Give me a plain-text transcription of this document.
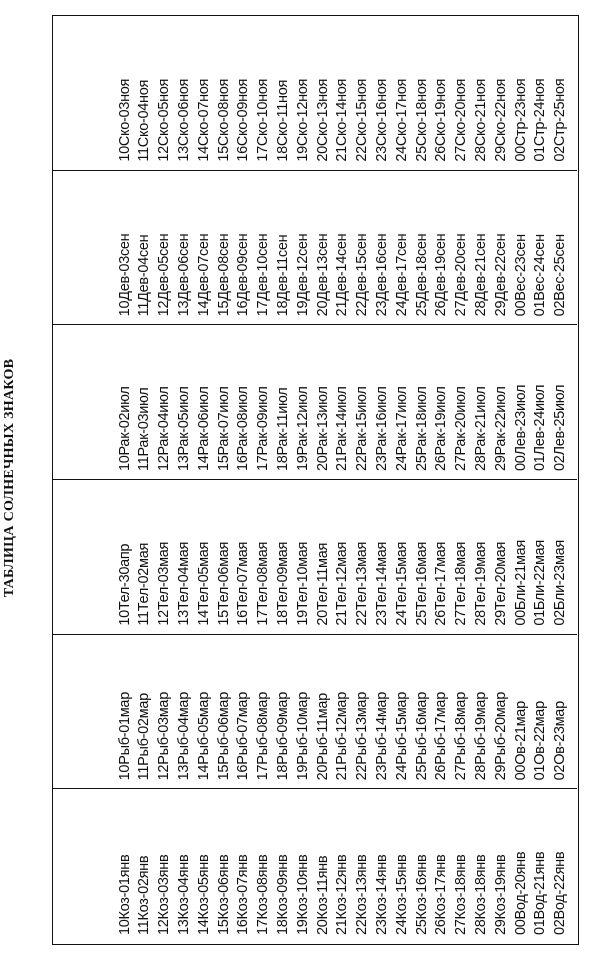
ТАБЛИЦА СОЛНЕЧНЫХ ЗНАКОВ
10Коз-01янв 11Коз-02янв 12Коз-03янв 13Коз-04янв 14Коз-05янв 15Коз-06янв 16Коз-07янв 17Коз-08янв 18Коз-09янв 19Коз-10янв 20Коз-11янв 21Коз-12янв 22Коз-13янв 23Коз-14янв 24Коз-15янв 25Коз-16янв 26Коз-17янв 27Коз-18янв 28Коз-18янв 29Коз-19янв 00Вод-20янв 01Вод-21янв 02Вод-22янв
10Рыб-01мар 11Рыб-02мар 12Рыб-03мар 13Рыб-04мар 14Рыб-05мар 15Рыб-06мар 16Рыб-07мар 17Рыб-08мар 18Рыб-09мар 19Рыб-10мар 20Рыб-11мар 21Рыб-12мар 22Рыб-13мар 23Рыб-14мар 24Рыб-15мар 25Рыб-16мар 26Рыб-17мар 27Рыб-18мар 28Рыб-19мар 29Рыб-20мар 00Ов-21мар 01Ов-22мар 02Ов-23мар
10Тел-30апр 11Тел-02мая 12Тел-03мая 13Тел-04мая 14Тел-05мая 15Тел-06мая 16Тел-07мая 17Тел-08мая 18Тел-09мая 19Тел-10мая 20Тел-11мая 21Тел-12мая 22Тел-13мая 23Тел-14мая 24Тел-15мая 25Тел-16мая 26Тел-17мая 27Тел-18мая 28Тел-19мая 29Тел-20мая 00Бли-21мая 01Бли-22мая 02Бли-23мая
10Рак-02июл 11Рак-03июл 12Рак-04июл 13Рак-05июл 14Рак-06июл 15Рак-07июл 16Рак-08июл 17Рак-09июл 18Рак-11июл 19Рак-12июл 20Рак-13июл 21Рак-14июл 22Рак-15июл 23Рак-16июл 24Рак-17июл 25Рак-18июл 26Рак-19июл 27Рак-20июл 28Рак-21июл 29Рак-22июл 00Лев-23июл 01Лев-24июл 02Лев-25июл
10Дев-03сен 11Дев-04сен 12Дев-05сен 13Дев-06сен 14Дев-07сен 15Дев-08сен 16Дев-09сен 17Дев-10сен 18Дев-11сен 19Дев-12сен 20Дев-13сен 21Дев-14сен 22Дев-15сен 23Дев-16сен 24Дев-17сен 25Дев-18сен 26Дев-19сен 27Дев-20сен 28Дев-21сен 29Дев-22сен 00Вес-23сен 01Вес-24сен 02Вес-25сен
10Ско-03ноя 11Ско-04ноя 12Ско-05ноя 13Ско-06ноя 14Ско-07ноя 15Ско-08ноя 16Ско-09ноя 17Ско-10ноя 18Ско-11ноя 19Ско-12ноя 20Ско-13ноя 21Ско-14ноя 22Ско-15ноя 23Ско-16ноя 24Ско-17ноя 25Ско-18ноя 26Ско-19ноя 27Ско-20ноя 28Ско-21ноя 29Ско-22ноя 00Стр-23ноя 01Стр-24ноя 02Стр-25ноя
